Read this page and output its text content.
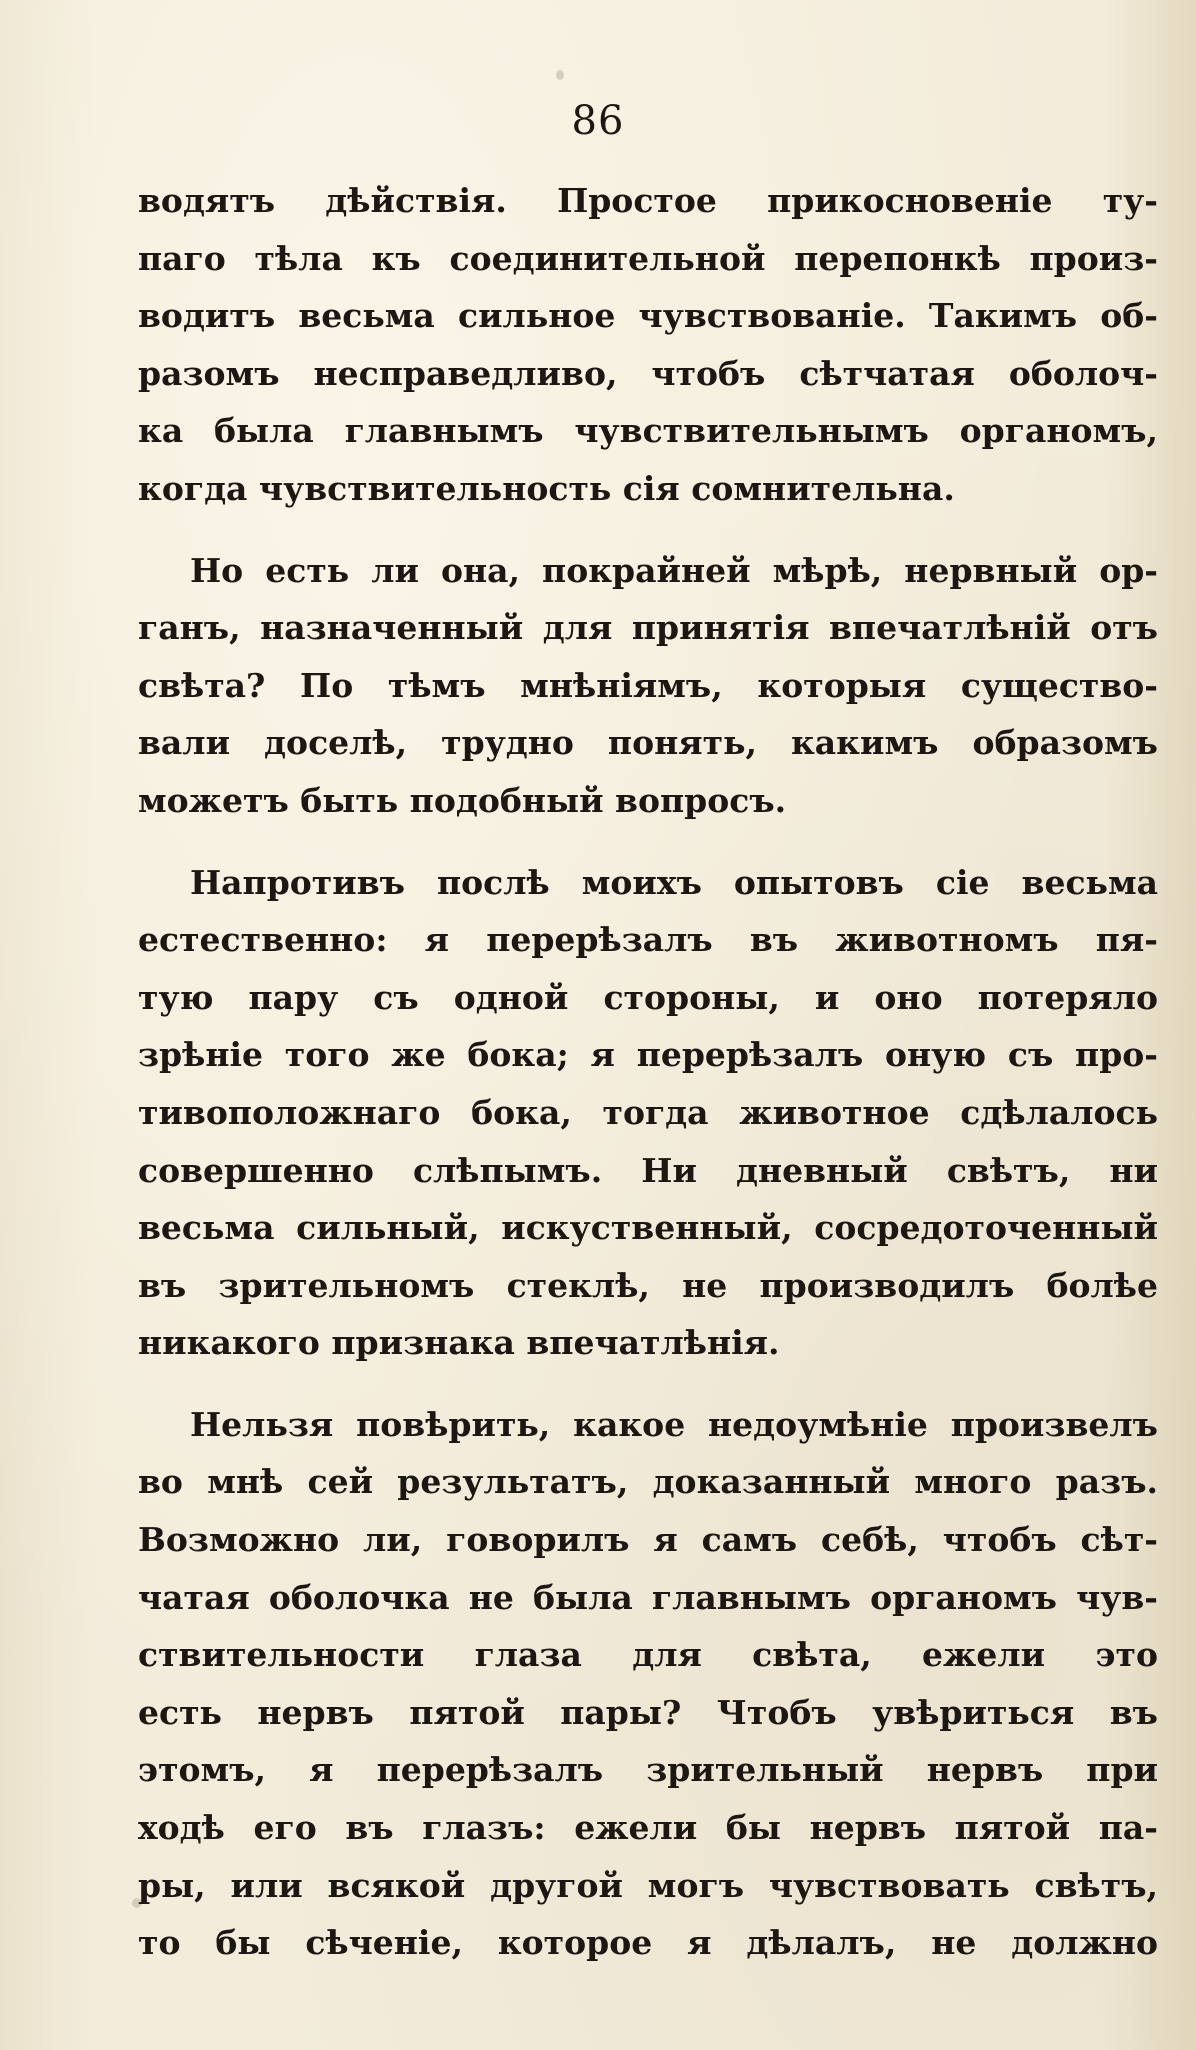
86
водятъ дѣйствія. Простое прикосновеніе ту-
паго тѣла къ соединительной перепонкѣ произ-
водитъ весьма сильное чувствованіе. Такимъ об-
разомъ несправедливо, чтобъ сѣтчатая оболоч-
ка была главнымъ чувствительнымъ органомъ,
когда чувствительность сія сомнительна.
Но есть ли она, покрайней мѣрѣ, нервный ор-
ганъ, назначенный для принятія впечатлѣній отъ
свѣта? По тѣмъ мнѣніямъ, которыя существо-
вали доселѣ, трудно понять, какимъ образомъ
можетъ быть подобный вопросъ.
Напротивъ послѣ моихъ опытовъ сіе весьма
естественно: я перерѣзалъ въ животномъ пя-
тую пару съ одной стороны, и оно потеряло
зрѣніе того же бока; я перерѣзалъ оную съ про-
тивоположнаго бока, тогда животное сдѣлалось
совершенно слѣпымъ. Ни дневный свѣтъ, ни
весьма сильный, искуственный, сосредоточенный
въ зрительномъ стеклѣ, не производилъ болѣе
никакого признака впечатлѣнія.
Нельзя повѣрить, какое недоумѣніе произвелъ
во мнѣ сей результатъ, доказанный много разъ.
Возможно ли, говорилъ я самъ себѣ, чтобъ сѣт-
чатая оболочка не была главнымъ органомъ чув-
ствительности глаза для свѣта, ежели это
есть нервъ пятой пары? Чтобъ увѣриться въ
этомъ, я перерѣзалъ зрительный нервъ при
ходѣ его въ глазъ: ежели бы нервъ пятой па-
ры, или всякой другой могъ чувствовать свѣтъ,
то бы сѣченіе, которое я дѣлалъ, не должно
